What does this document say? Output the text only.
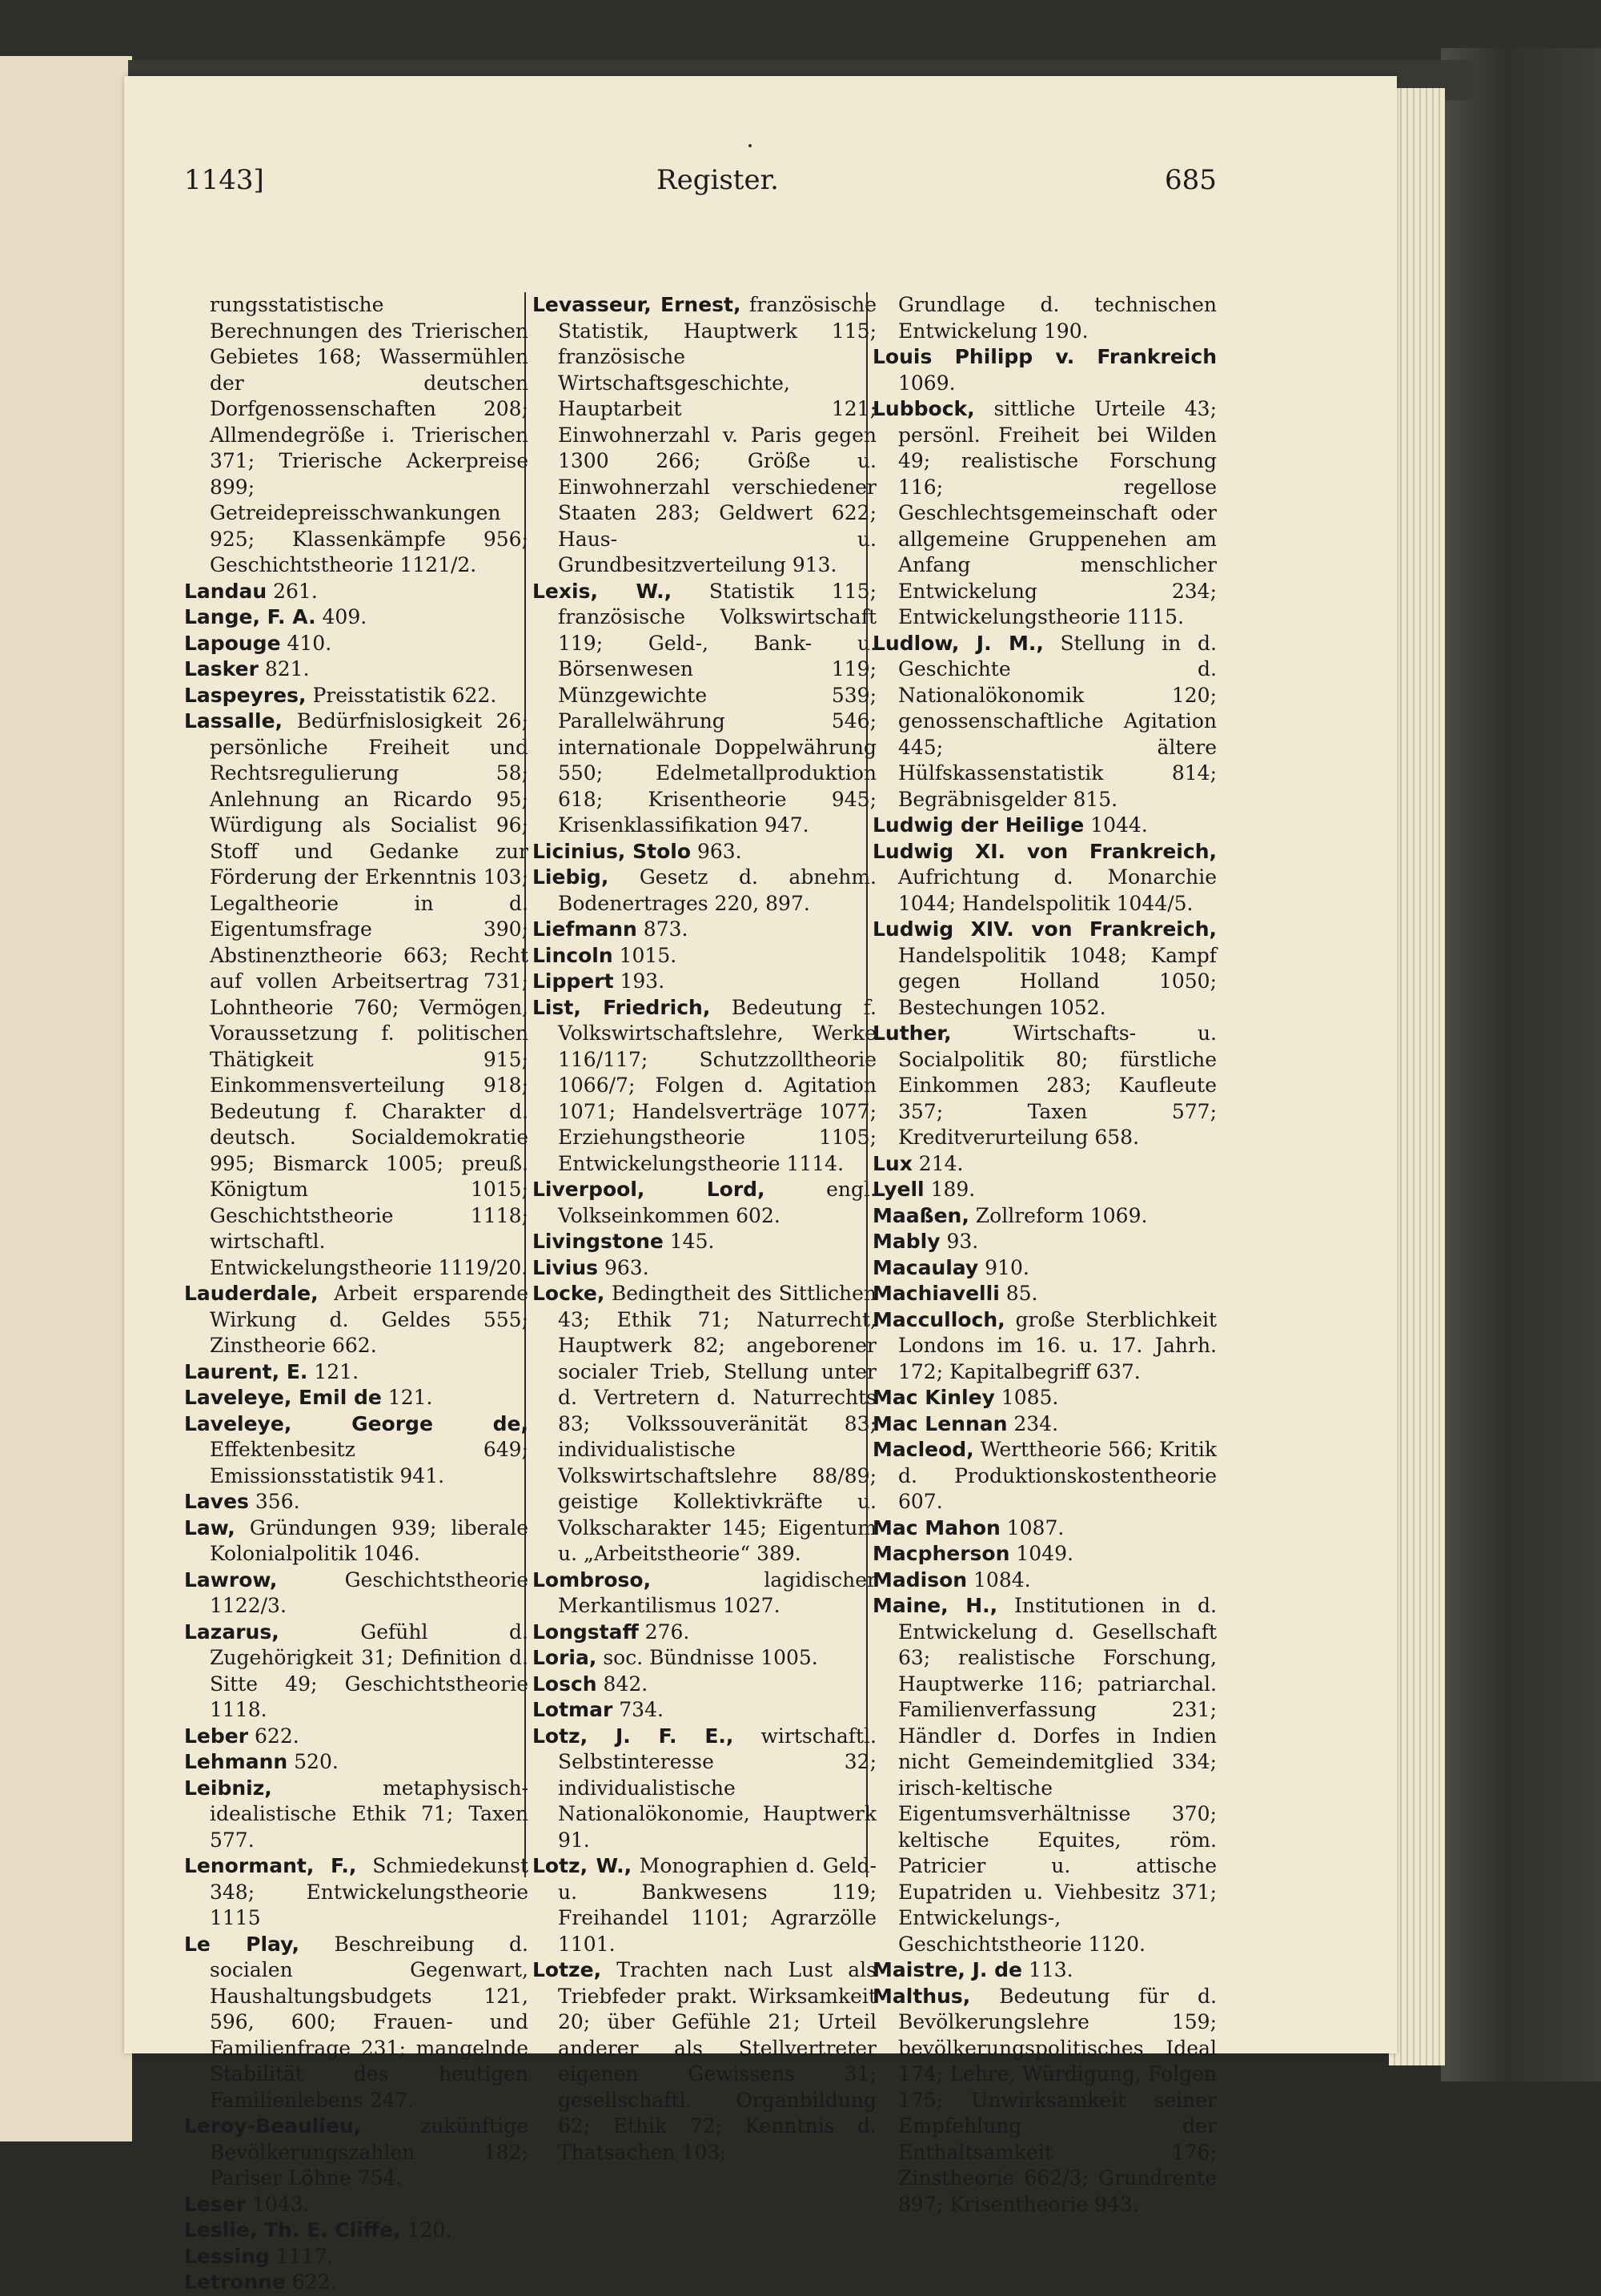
1143]	Register.	685

rungsstatistische Berechnungen des Trierischen Gebietes 168; Wassermühlen der deutschen Dorfgenossenschaften 208; Allmendegröße i. Trierischen 371; Trierische Ackerpreise 899; Getreidepreisschwankungen 925; Klassenkämpfe 956; Geschichtstheorie 1121/2.

Landau 261.

Lange, F. A. 409.

Lapouge 410.

Lasker 821.

Laspeyres, Preisstatistik 622.

Lassalle, Bedürfnislosigkeit 26; persönliche Freiheit und Rechtsregulierung 58; Anlehnung an Ricardo 95; Würdigung als Socialist 96; Stoff und Gedanke zur Förderung der Erkenntnis 103; Legaltheorie in d. Eigentumsfrage 390; Abstinenztheorie 663; Recht auf vollen Arbeitsertrag 731; Lohntheorie 760; Vermögen, Voraussetzung f. politischen Thätigkeit 915; Einkommensverteilung 918; Bedeutung f. Charakter d. deutsch. Socialdemokratie 995; Bismarck 1005; preuß. Königtum 1015; Geschichtstheorie 1118; wirtschaftl. Entwickelungstheorie 1119/20.

Lauderdale, Arbeit ersparende Wirkung d. Geldes 555; Zinstheorie 662.

Laurent, E. 121.

Laveleye, Emil de 121.

Laveleye, George de, Effektenbesitz 649; Emissionsstatistik 941.

Laves 356.

Law, Gründungen 939; liberale Kolonialpolitik 1046.

Lawrow, Geschichtstheorie 1122/3.

Lazarus, Gefühl d. Zugehörigkeit 31; Definition d. Sitte 49; Geschichtstheorie 1118.

Leber 622.

Lehmann 520.

Leibniz, metaphysisch-idealistische Ethik 71; Taxen 577.

Lenormant, F., Schmiedekunst 348; Entwickelungstheorie 1115

Le Play, Beschreibung d. socialen Gegenwart, Haushaltungsbudgets 121, 596, 600; Frauen- und Familienfrage 231; mangelnde Stabilität des heutigen Familienlebens 247.

Leroy-Beaulieu, zukünftige Bevölkerungszahlen 182; Pariser Löhne 754.

Leser 1043.

Leslie, Th. E. Cliffe, 120.

Lessing 1117.

Letronne 622.

Levasseur, Ernest, französische Statistik, Hauptwerk 115; französische Wirtschaftsgeschichte, Hauptarbeit 121; Einwohnerzahl v. Paris gegen 1300 266; Größe u. Einwohnerzahl verschiedener Staaten 283; Geldwert 622; Haus- u. Grundbesitzverteilung 913.

Lexis, W., Statistik 115; französische Volkswirtschaft 119; Geld-, Bank- u. Börsenwesen 119; Münzgewichte 539; Parallelwährung 546; internationale Doppelwährung 550; Edelmetallproduktion 618; Krisentheorie 945; Krisenklassifikation 947.

Licinius, Stolo 963.

Liebig, Gesetz d. abnehm. Bodenertrages 220, 897.

Liefmann 873.

Lincoln 1015.

Lippert 193.

List, Friedrich, Bedeutung f. Volkswirtschaftslehre, Werke 116/117; Schutzzolltheorie 1066/7; Folgen d. Agitation 1071; Handelsverträge 1077; Erziehungstheorie 1105; Entwickelungstheorie 1114.

Liverpool, Lord, engl. Volkseinkommen 602.

Livingstone 145.

Livius 963.

Locke, Bedingtheit des Sittlichen 43; Ethik 71; Naturrecht, Hauptwerk 82; angeborener socialer Trieb, Stellung unter d. Vertretern d. Naturrechts 83; Volkssouveränität 83; individualistische Volkswirtschaftslehre 88/89; geistige Kollektivkräfte u. Volkscharakter 145; Eigentum u. „Arbeitstheorie“ 389.

Lombroso, lagidischer Merkantilismus 1027.

Longstaff 276.

Loria, soc. Bündnisse 1005.

Losch 842.

Lotmar 734.

Lotz, J. F. E., wirtschaftl. Selbstinteresse 32; individualistische Nationalökonomie, Hauptwerk 91.

Lotz, W., Monographien d. Geld- u. Bankwesens 119; Freihandel 1101; Agrarzölle 1101.

Lotze, Trachten nach Lust als Triebfeder prakt. Wirksamkeit 20; über Gefühle 21; Urteil anderer als Stellvertreter eigenen Gewissens 31; gesellschaftl. Organbildung 62; Ethik 72; Kenntnis d. Thatsachen 103;

Grundlage d. technischen Entwickelung 190.

Louis Philipp v. Frankreich 1069.

Lubbock, sittliche Urteile 43; persönl. Freiheit bei Wilden 49; realistische Forschung 116; regellose Geschlechtsgemeinschaft oder allgemeine Gruppenehen am Anfang menschlicher Entwickelung 234; Entwickelungstheorie 1115.

Ludlow, J. M., Stellung in d. Geschichte d. Nationalökonomik 120; genossenschaftliche Agitation 445; ältere Hülfskassenstatistik 814; Begräbnisgelder 815.

Ludwig der Heilige 1044.

Ludwig XI. von Frankreich, Aufrichtung d. Monarchie 1044; Handelspolitik 1044/5.

Ludwig XIV. von Frankreich, Handelspolitik 1048; Kampf gegen Holland 1050; Bestechungen 1052.

Luther, Wirtschafts- u. Socialpolitik 80; fürstliche Einkommen 283; Kaufleute 357; Taxen 577; Kreditverurteilung 658.

Lux 214.

Lyell 189.

Maaßen, Zollreform 1069.

Mably 93.

Macaulay 910.

Machiavelli 85.

Macculloch, große Sterblichkeit Londons im 16. u. 17. Jahrh. 172; Kapitalbegriff 637.

Mac Kinley 1085.

Mac Lennan 234.

Macleod, Werttheorie 566; Kritik d. Produktionskostentheorie 607.

Mac Mahon 1087.

Macpherson 1049.

Madison 1084.

Maine, H., Institutionen in d. Entwickelung d. Gesellschaft 63; realistische Forschung, Hauptwerke 116; patriarchal. Familienverfassung 231; Händler d. Dorfes in Indien nicht Gemeindemitglied 334; irisch-keltische Eigentumsverhältnisse 370; keltische Equites, röm. Patricier u. attische Eupatriden u. Viehbesitz 371; Entwickelungs-, Geschichtstheorie 1120.

Maistre, J. de 113.

Malthus, Bedeutung für d. Bevölkerungslehre 159; bevölkerungspolitisches Ideal 174; Lehre, Würdigung, Folgen 175; Unwirksamkeit seiner Empfehlung der Enthaltsamkeit 176; Zinstheorie 662/3; Grundrente 897; Krisentheorie 943.
